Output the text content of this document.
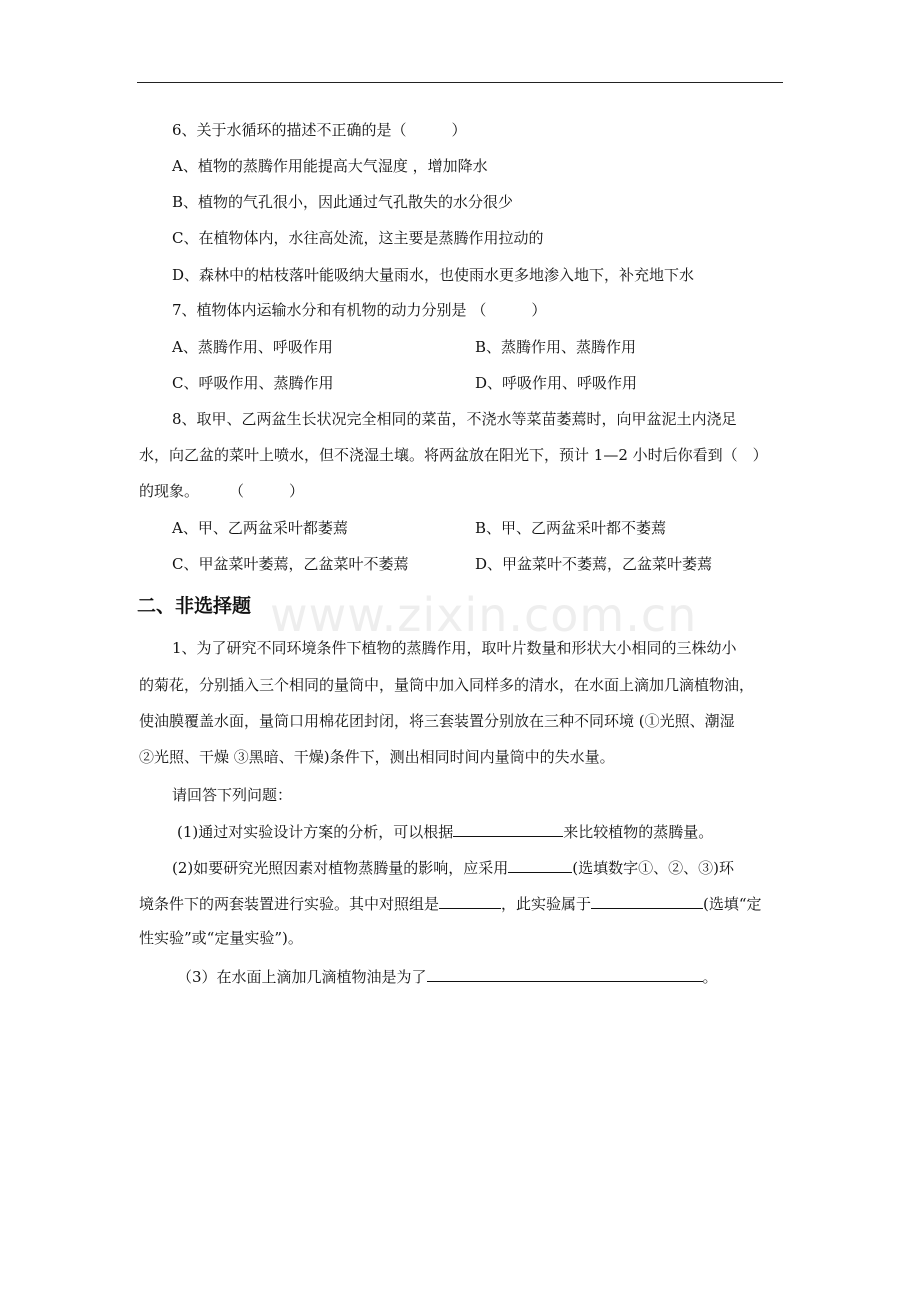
www.zixin.com.cn
6、关于水循环的描述不正确的是（　　　）
A、植物的蒸腾作用能提高大气湿度 ，增加降水
B、植物的气孔很小，因此通过气孔散失的水分很少
C、在植物体内，水往高处流，这主要是蒸腾作用拉动的
D、森林中的枯枝落叶能吸纳大量雨水，也使雨水更多地渗入地下，补充地下水
7、植物体内运输水分和有机物的动力分别是 （　　　）
A、蒸腾作用、呼吸作用	B、蒸腾作用、蒸腾作用
C、呼吸作用、蒸腾作用	D、呼吸作用、呼吸作用
8、取甲、乙两盆生长状况完全相同的菜苗，不浇水等菜苗萎蔫时，向甲盆泥土内浇足
水，向乙盆的菜叶上喷水，但不浇湿土壤。将两盆放在阳光下，预计 1—2 小时后你看到（　）
的现象。　　　（　　　）
A、甲、乙两盆采叶都萎蔫	B、甲、乙两盆采叶都不萎蔫
C、甲盆菜叶萎蔫，乙盆菜叶不萎蔫	D、甲盆菜叶不萎蔫，乙盆菜叶萎蔫
二、非选择题
1、为了研究不同环境条件下植物的蒸腾作用，取叶片数量和形状大小相同的三株幼小
的菊花，分别插入三个相同的量筒中，量筒中加入同样多的清水，在水面上滴加几滴植物油，
使油膜覆盖水面，量筒口用棉花团封闭，将三套装置分别放在三种不同环境 (①光照、潮湿
②光照、干燥 ③黑暗、干燥)条件下，测出相同时间内量筒中的失水量。
请回答下列问题：
(1)通过对实验设计方案的分析，可以根据	来比较植物的蒸腾量。
(2)如要研究光照因素对植物蒸腾量的影响，应采用	(选填数字①、②、③)环
境条件下的两套装置进行实验。其中对照组是	，此实验属于	(选填“定
性实验”或“定量实验”)。
（3）在水面上滴加几滴植物油是为了	。
